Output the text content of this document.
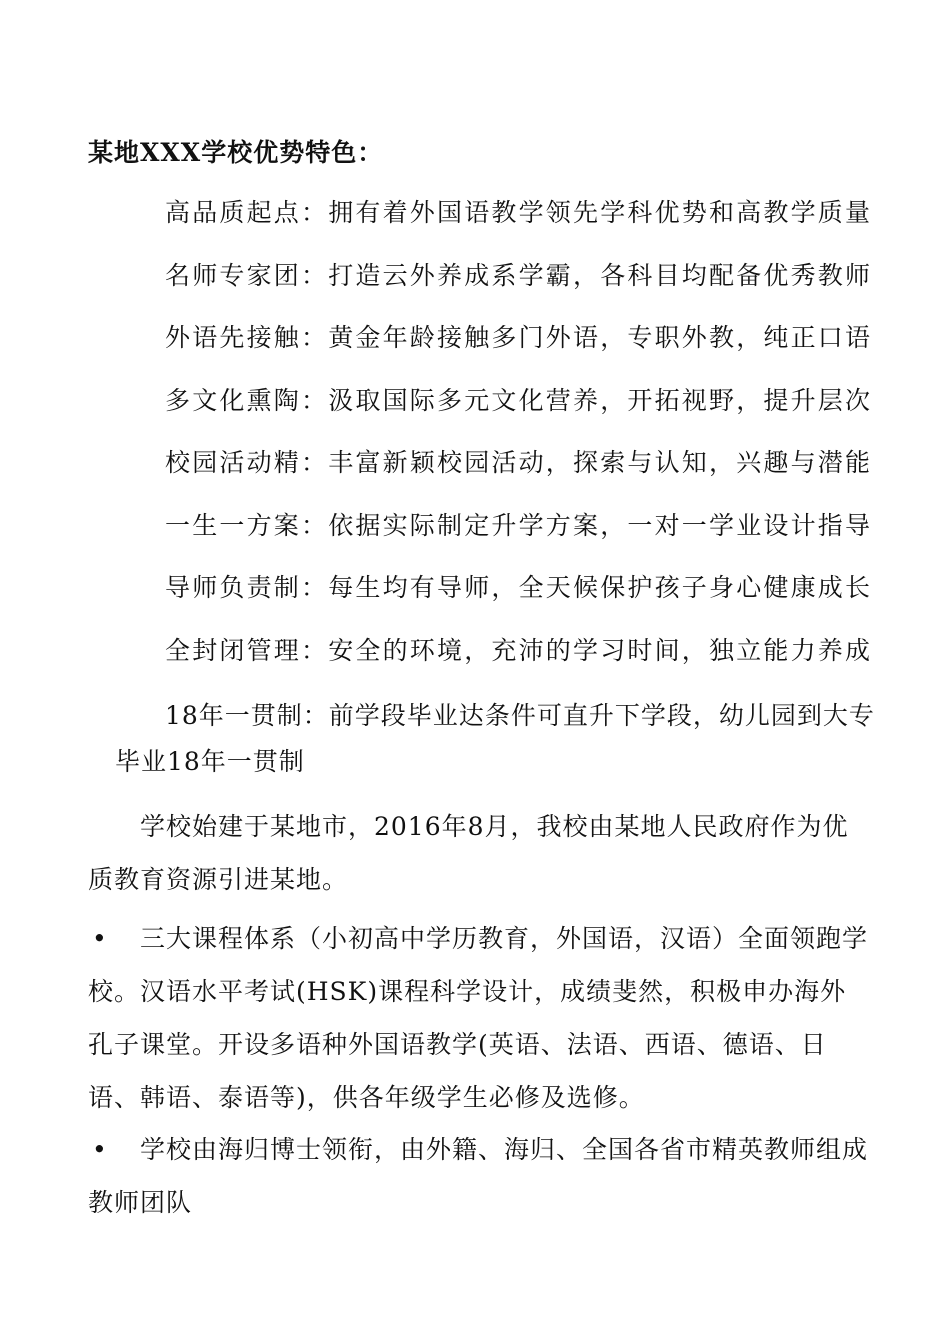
某地XXX学校优势特色：
高品质起点：拥有着外国语教学领先学科优势和高教学质量
名师专家团：打造云外养成系学霸，各科目均配备优秀教师
外语先接触：黄金年龄接触多门外语，专职外教，纯正口语
多文化熏陶：汲取国际多元文化营养，开拓视野，提升层次
校园活动精：丰富新颖校园活动，探索与认知，兴趣与潜能
一生一方案：依据实际制定升学方案，一对一学业设计指导
导师负责制：每生均有导师，全天候保护孩子身心健康成长
全封闭管理：安全的环境，充沛的学习时间，独立能力养成
18年一贯制：前学段毕业达条件可直升下学段，幼儿园到大专毕业18年一贯制
学校始建于某地市，2016年8月，我校由某地人民政府作为优质教育资源引进某地。
• 三大课程体系（小初高中学历教育，外国语，汉语）全面领跑学校。汉语水平考试(HSK)课程科学设计，成绩斐然，积极申办海外孔子课堂。开设多语种外国语教学(英语、法语、西语、德语、日语、韩语、泰语等)，供各年级学生必修及选修。
• 学校由海归博士领衔，由外籍、海归、全国各省市精英教师组成教师团队
